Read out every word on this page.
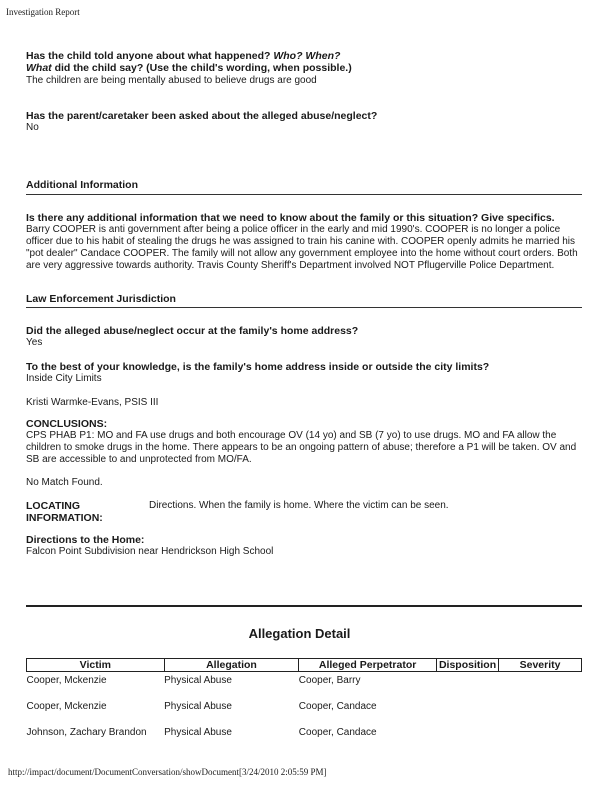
Investigation Report
Has the child told anyone about what happened? Who? When?
What did the child say? (Use the child's wording, when possible.)
The children are being mentally abused to believe drugs are good
Has the parent/caretaker been asked about the alleged abuse/neglect?
No
Additional Information
Is there any additional information that we need to know about the family or this situation? Give specifics.
Barry COOPER is anti government after being a police officer in the early and mid 1990's. COOPER is no longer a police officer due to his habit of stealing the drugs he was assigned to train his canine with. COOPER openly admits he married his "pot dealer" Candace COOPER. The family will not allow any government employee into the home without court orders. Both are very aggressive towards authority. Travis County Sheriff's Department involved NOT Pflugerville Police Department.
Law Enforcement Jurisdiction
Did the alleged abuse/neglect occur at the family's home address?
Yes
To the best of your knowledge, is the family's home address inside or outside the city limits?
Inside City Limits
Kristi Warmke-Evans, PSIS III
CONCLUSIONS:
CPS PHAB P1: MO and FA use drugs and both encourage OV (14 yo) and SB (7 yo) to use drugs. MO and FA allow the children to smoke drugs in the home. There appears to be an ongoing pattern of abuse; therefore a P1 will be taken. OV and SB are accessible to and unprotected from MO/FA.
No Match Found.
LOCATING
INFORMATION:
Directions. When the family is home. Where the victim can be seen.
Directions to the Home:
Falcon Point Subdivision near Hendrickson High School
Allegation Detail
Victim	Allegation	Alleged Perpetrator	Disposition	Severity
Cooper, Mckenzie	Physical Abuse	Cooper, Barry		
Cooper, Mckenzie	Physical Abuse	Cooper, Candace		
Johnson, Zachary Brandon	Physical Abuse	Cooper, Candace		
http://impact/document/DocumentConversation/showDocument[3/24/2010 2:05:59 PM]
